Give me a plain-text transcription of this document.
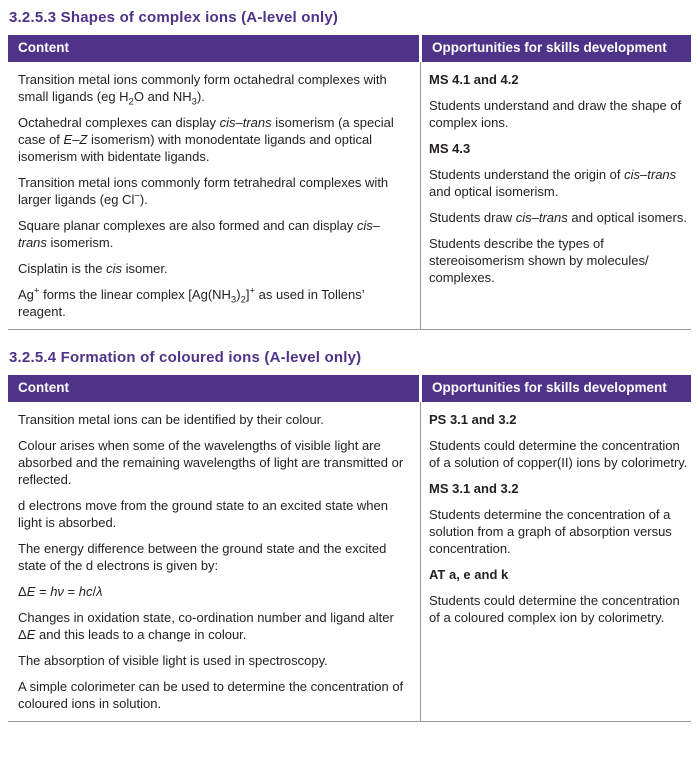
3.2.5.3 Shapes of complex ions (A-level only)
Content	Opportunities for skills development

Transition metal ions commonly form octahedral complexes with small ligands (eg $H_2O$ and $NH_3$).

Octahedral complexes can display cis–trans isomerism (a special case of E–Z isomerism) with monodentate ligands and optical isomerism with bidentate ligands.

Transition metal ions commonly form tetrahedral complexes with larger ligands (eg Cl−).

Square planar complexes are also formed and can display cis–trans isomerism.

Cisplatin is the cis isomer.

Ag+ forms the linear complex $[Ag(NH_3)_2]^+$ as used in Tollens’ reagent.

MS 4.1 and 4.2

Students understand and draw the shape of complex ions.

MS 4.3

Students understand the origin of cis–trans and optical isomerism.

Students draw cis–trans and optical isomers.

Students describe the types of stereoisomerism shown by molecules/ complexes.

3.2.5.4 Formation of coloured ions (A-level only)
Content	Opportunities for skills development

Transition metal ions can be identified by their colour.

Colour arises when some of the wavelengths of visible light are absorbed and the remaining wavelengths of light are transmitted or reflected.

d electrons move from the ground state to an excited state when light is absorbed.

The energy difference between the ground state and the excited state of the d electrons is given by:

ΔE = hν = hc/λ

Changes in oxidation state, co-ordination number and ligand alter ΔE and this leads to a change in colour.

The absorption of visible light is used in spectroscopy.

A simple colorimeter can be used to determine the concentration of coloured ions in solution.

PS 3.1 and 3.2

Students could determine the concentration of a solution of copper(II) ions by colorimetry.

MS 3.1 and 3.2

Students determine the concentration of a solution from a graph of absorption versus concentration.

AT a, e and k

Students could determine the concentration of a coloured complex ion by colorimetry.
